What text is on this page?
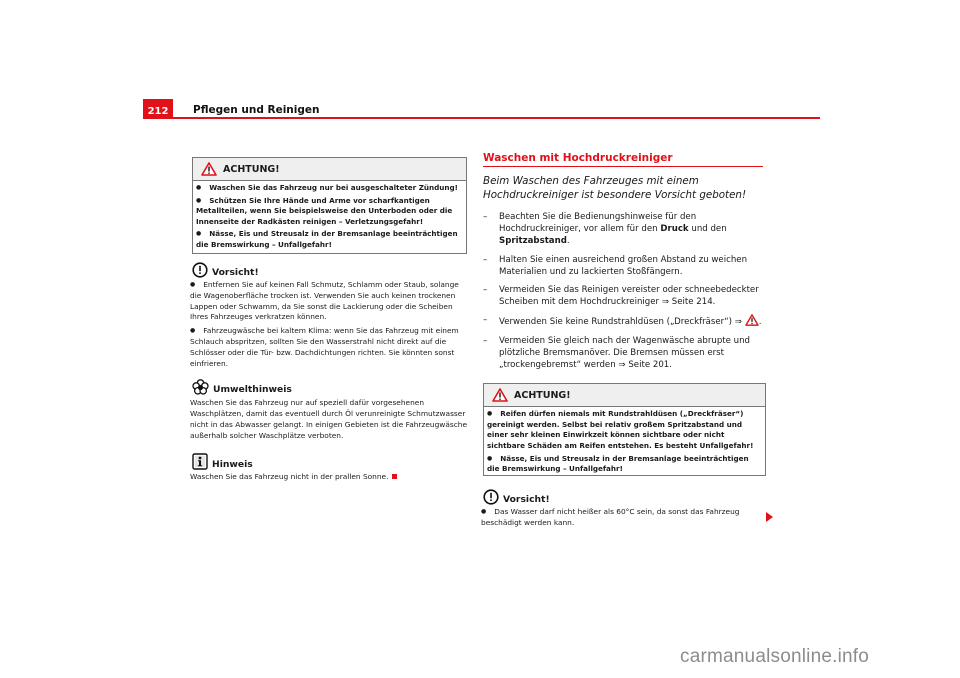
212 Pflegen und Reinigen
ACHTUNG!

● Waschen Sie das Fahrzeug nur bei ausgeschalteter Zündung!

● Schützen Sie Ihre Hände und Arme vor scharfkantigen Metallteilen, wenn Sie beispielsweise den Unterboden oder die Innenseite der Radkästen reinigen – Verletzungsgefahr!

● Nässe, Eis und Streusalz in der Bremsanlage beeinträchtigen die Bremswirkung – Unfallgefahr!

Vorsicht!

● Entfernen Sie auf keinen Fall Schmutz, Schlamm oder Staub, solange die Wagenoberfläche trocken ist. Verwenden Sie auch keinen trockenen Lappen oder Schwamm, da Sie sonst die Lackierung oder die Scheiben Ihres Fahrzeuges verkratzen können.

● Fahrzeugwäsche bei kaltem Klima: wenn Sie das Fahrzeug mit einem Schlauch abspritzen, sollten Sie den Wasserstrahl nicht direkt auf die Schlösser oder die Tür- bzw. Dachdichtungen richten. Sie könnten sonst einfrieren.

Umwelthinweis
Waschen Sie das Fahrzeug nur auf speziell dafür vorgesehenen Waschplätzen, damit das eventuell durch Öl verunreinigte Schmutzwasser nicht in das Abwasser gelangt. In einigen Gebieten ist die Fahrzeugwäsche außerhalb solcher Waschplätze verboten.
Hinweis
Waschen Sie das Fahrzeug nicht in der prallen Sonne.
Waschen mit Hochdruckreiniger
Beim Waschen des Fahrzeuges mit einem Hochdruckreiniger ist besondere Vorsicht geboten!
–	Beachten Sie die Bedienungshinweise für den Hochdruckreiniger, vor allem für den Druck und den Spritzabstand.
–	Halten Sie einen ausreichend großen Abstand zu weichen Materialien und zu lackierten Stoßfängern.
–	Vermeiden Sie das Reinigen vereister oder schneebedeckter Scheiben mit dem Hochdruckreiniger ⇒ Seite 214.
–	Verwenden Sie keine Rundstrahldüsen („Dreckfräser“) ⇒
.
–	Vermeiden Sie gleich nach der Wagenwäsche abrupte und plötzliche Bremsmanöver. Die Bremsen müssen erst „trockengebremst“ werden ⇒ Seite 201.
ACHTUNG!

● Reifen dürfen niemals mit Rundstrahldüsen („Dreckfräser“) gereinigt werden. Selbst bei relativ großem Spritzabstand und einer sehr kleinen Einwirkzeit können sichtbare oder nicht sichtbare Schäden am Reifen entstehen. Es besteht Unfallgefahr!

● Nässe, Eis und Streusalz in der Bremsanlage beeinträchtigen die Bremswirkung – Unfallgefahr!

Vorsicht!

● Das Wasser darf nicht heißer als 60°C sein, da sonst das Fahrzeug beschädigt werden kann.

carmanualsonline.info
